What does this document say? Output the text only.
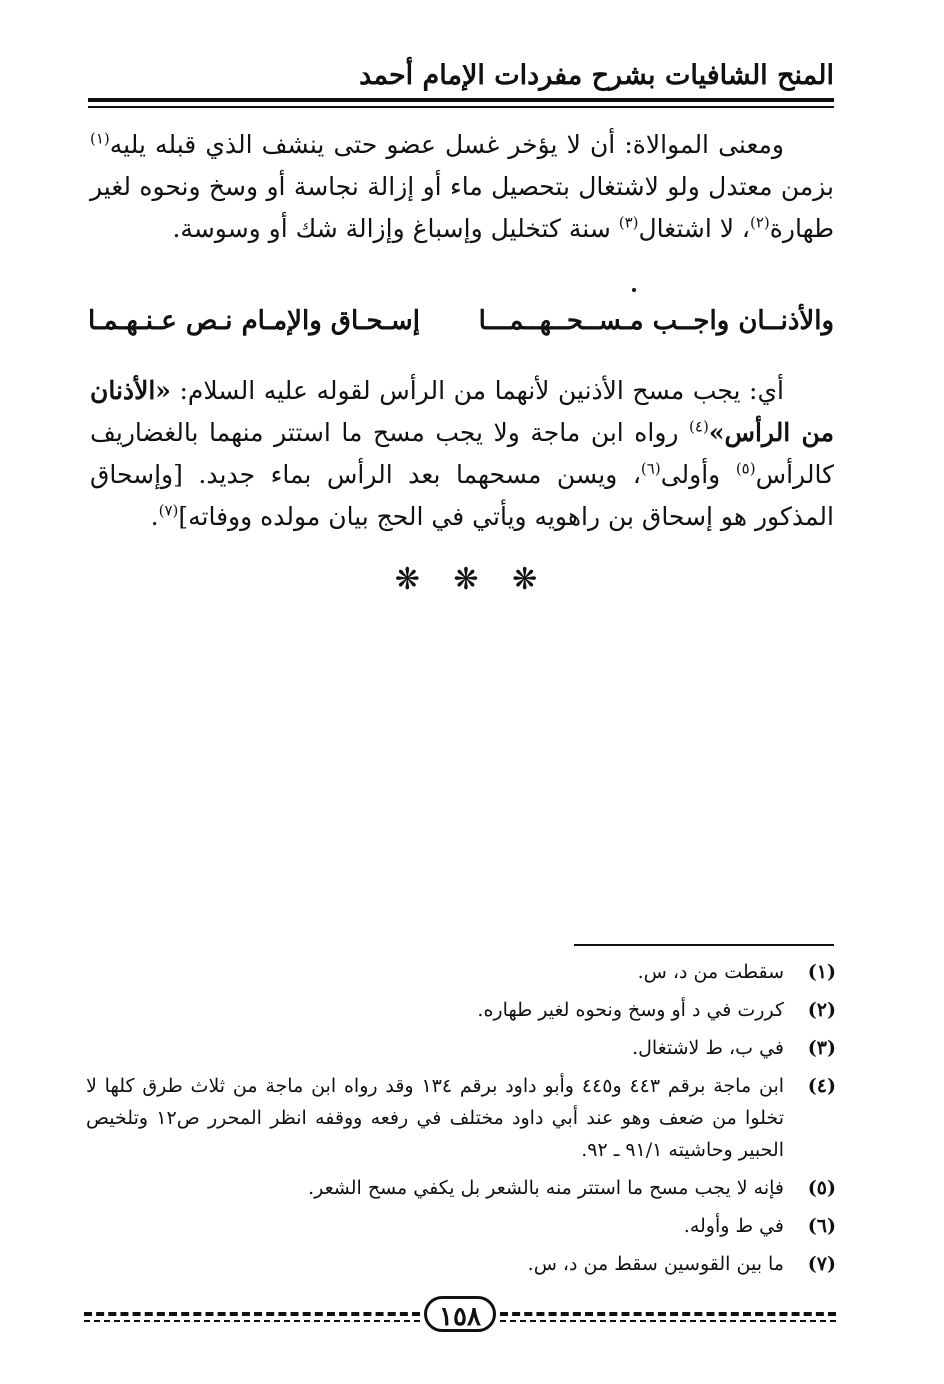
المنح الشافيات بشرح مفردات الإمام أحمد
ومعنى الموالاة: أن لا يؤخر غسل عضو حتى ينشف الذي قبله يليه$^{(١)}$ بزمن معتدل ولو لاشتغال بتحصيل ماء أو إزالة نجاسة أو وسخ ونحوه لغير طهارة$^{(٢)}$، لا اشتغال$^{(٣)}$ سنة كتخليل وإسباغ وإزالة شك أو وسوسة.
والأذنــان واجــب مـســحــهــمـــا
إسـحـاق والإمـام نـص عـنـهـمـا
أي: يجب مسح الأذنين لأنهما من الرأس لقوله عليه السلام: «الأذنان من الرأس»$^{(٤)}$ رواه ابن ماجة ولا يجب مسح ما استتر منهما بالغضاريف كالرأس$^{(٥)}$ وأولى$^{(٦)}$، ويسن مسحهما بعد الرأس بماء جديد. [وإسحاق المذكور هو إسحاق بن راهويه ويأتي في الحج بيان مولده ووفاته]$^{(٧)}$.
❋ ❋ ❋
(١)
سقطت من د، س.
(٢)
كررت في د أو وسخ ونحوه لغير طهاره.
(٣)
في ب، ط لاشتغال.
(٤)
ابن ماجة برقم ٤٤٣ و٤٤٥ وأبو داود برقم ١٣٤ وقد رواه ابن ماجة من ثلاث طرق كلها لا تخلوا من ضعف وهو عند أبي داود مختلف في رفعه ووقفه انظر المحرر ص١٢ وتلخيص الحبير وحاشيته ٩١/١ ـ ٩٢.
(٥)
فإنه لا يجب مسح ما استتر منه بالشعر بل يكفي مسح الشعر.
(٦)
في ط وأوله.
(٧)
ما بين القوسين سقط من د، س.
١٥٨
